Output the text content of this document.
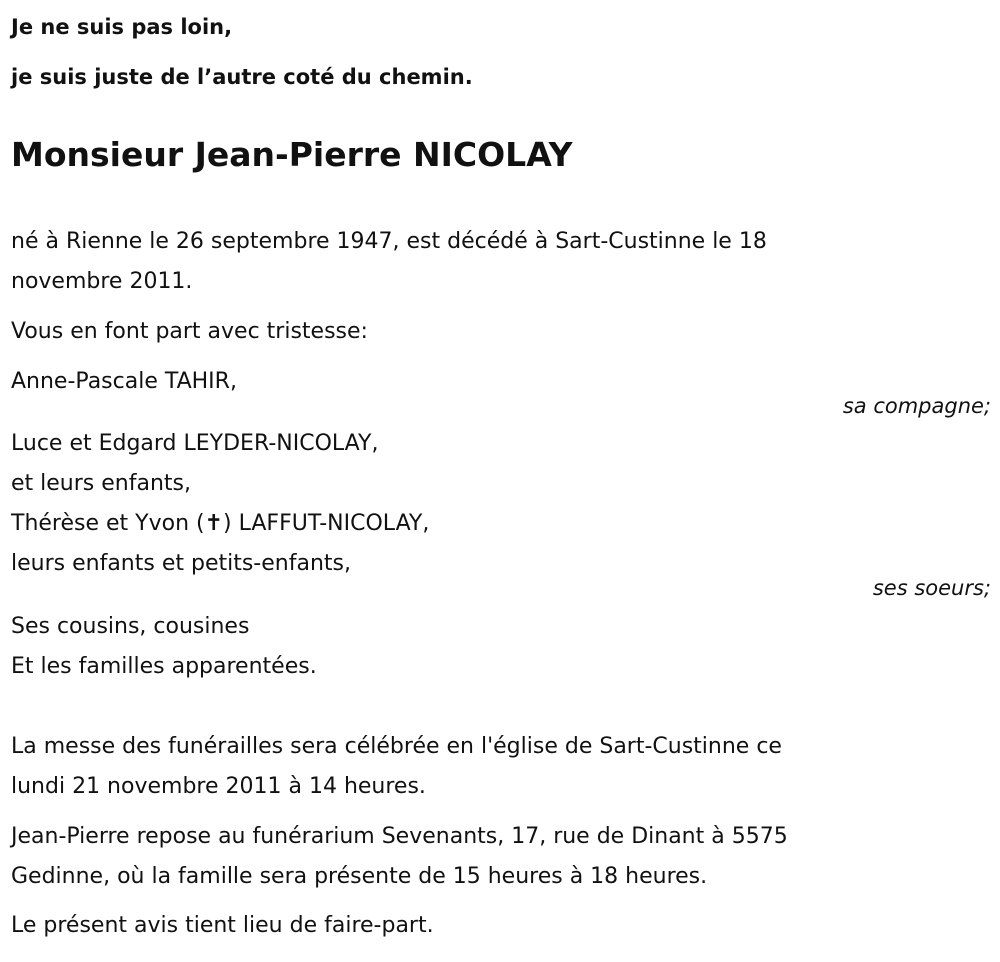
Je ne suis pas loin,
je suis juste de l’autre coté du chemin.
Monsieur Jean-Pierre NICOLAY
né à Rienne le 26 septembre 1947, est décédé à Sart-Custinne le 18
novembre 2011.
Vous en font part avec tristesse:
Anne-Pascale TAHIR,
sa compagne;
Luce et Edgard LEYDER-NICOLAY,
et leurs enfants,
Thérèse et Yvon (✝) LAFFUT-NICOLAY,
leurs enfants et petits-enfants,
ses soeurs;
Ses cousins, cousines
Et les familles apparentées.
La messe des funérailles sera célébrée en l'église de Sart-Custinne ce
lundi 21 novembre 2011 à 14 heures.
Jean-Pierre repose au funérarium Sevenants, 17, rue de Dinant à 5575
Gedinne, où la famille sera présente de 15 heures à 18 heures.
Le présent avis tient lieu de faire-part.
